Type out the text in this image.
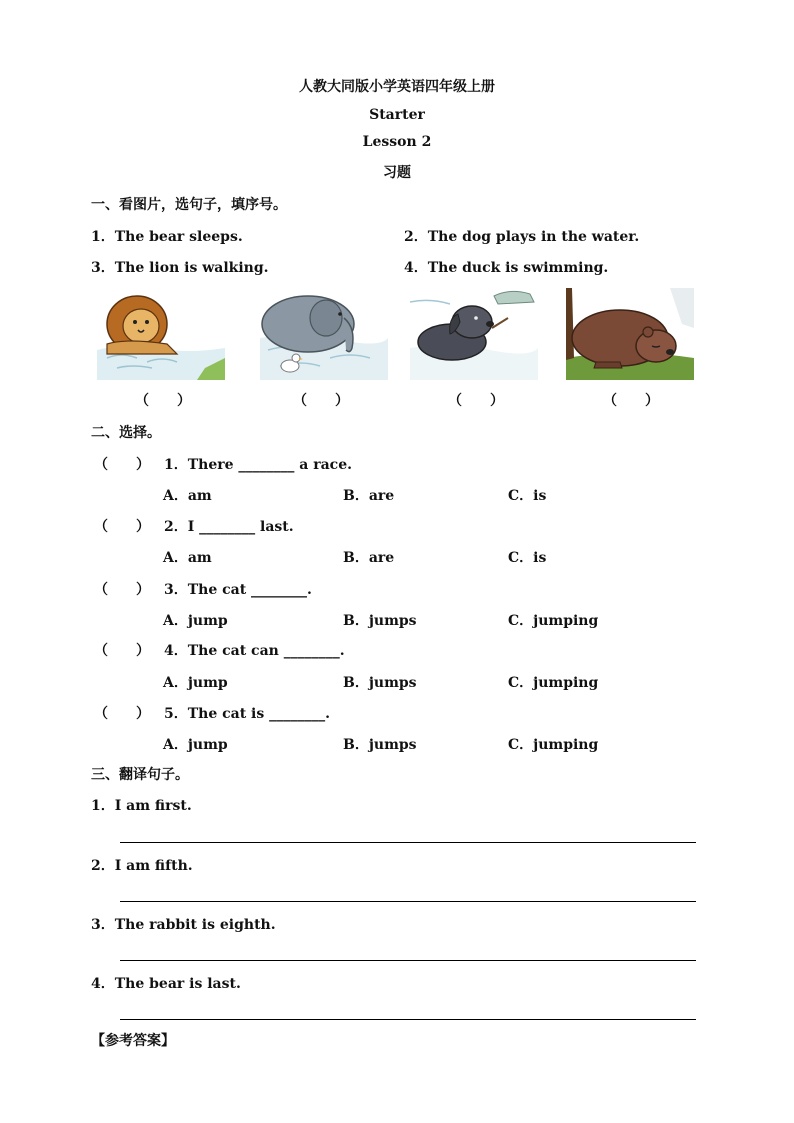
人教大同版小学英语四年级上册
Starter
Lesson 2
习题
一、看图片，选句子，填序号。
1．The bear sleeps.	2．The dog plays in the water.
3．The lion is walking.	4．The duck is swimming.
（　　）	（　　）	（　　）	（　　）
二、选择。
（　　） 1．There ________ a race.
A．am	B．are	C．is
（　　） 2．I ________ last.
A．am	B．are	C．is
（　　） 3．The cat ________.
A．jump	B．jumps	C．jumping
（　　） 4．The cat can ________.
A．jump	B．jumps	C．jumping
（　　） 5．The cat is ________.
A．jump	B．jumps	C．jumping
三、翻译句子。
1．I am first.
2．I am fifth.
3．The rabbit is eighth.
4．The bear is last.
【参考答案】
